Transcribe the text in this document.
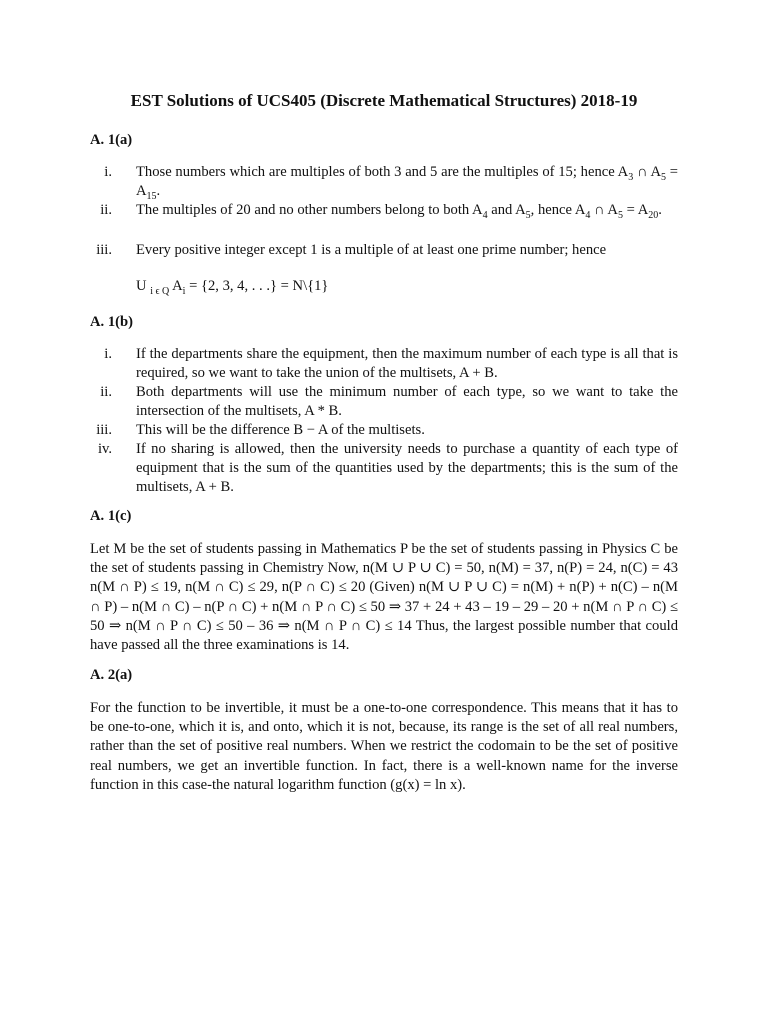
EST Solutions of UCS405 (Discrete Mathematical Structures) 2018-19
A. 1(a)
i. Those numbers which are multiples of both 3 and 5 are the multiples of 15; hence $A_3$ ∩ $A_5 = A_{15}$.
ii. The multiples of 20 and no other numbers belong to both $A_4$ and $A_5$, hence $A_4$ ∩ $A_5 = A_{20}$.
iii. Every positive integer except 1 is a multiple of at least one prime number; hence
U $_{i \epsilon Q}$ $A_i = \{2$, 3, 4, . . .} = N\{1}
A. 1(b)
i. If the departments share the equipment, then the maximum number of each type is all that is required, so we want to take the union of the multisets, A + B.
ii. Both departments will use the minimum number of each type, so we want to take the intersection of the multisets, A * B.
iii. This will be the difference B − A of the multisets.
iv. If no sharing is allowed, then the university needs to purchase a quantity of each type of equipment that is the sum of the quantities used by the departments; this is the sum of the multisets, A + B.
A. 1(c)
Let M be the set of students passing in Mathematics P be the set of students passing in Physics C be the set of students passing in Chemistry Now, n(M ∪ P ∪ C) = 50, n(M) = 37, n(P) = 24, n(C) = 43 n(M ∩ P) ≤ 19, n(M ∩ C) ≤ 29, n(P ∩ C) ≤ 20 (Given) n(M ∪ P ∪ C) = n(M) + n(P) + n(C) – n(M ∩ P) – n(M ∩ C) – n(P ∩ C) + n(M ∩ P ∩ C) ≤ 50 ⇒ 37 + 24 + 43 – 19 – 29 – 20 + n(M ∩ P ∩ C) ≤ 50 ⇒ n(M ∩ P ∩ C) ≤ 50 – 36 ⇒ n(M ∩ P ∩ C) ≤ 14 Thus, the largest possible number that could have passed all the three examinations is 14.
A. 2(a)
For the function to be invertible, it must be a one-to-one correspondence. This means that it has to be one-to-one, which it is, and onto, which it is not, because, its range is the set of all real numbers, rather than the set of positive real numbers. When we restrict the codomain to be the set of positive real numbers, we get an invertible function. In fact, there is a well-known name for the inverse function in this case-the natural logarithm function (g(x) = ln x).
